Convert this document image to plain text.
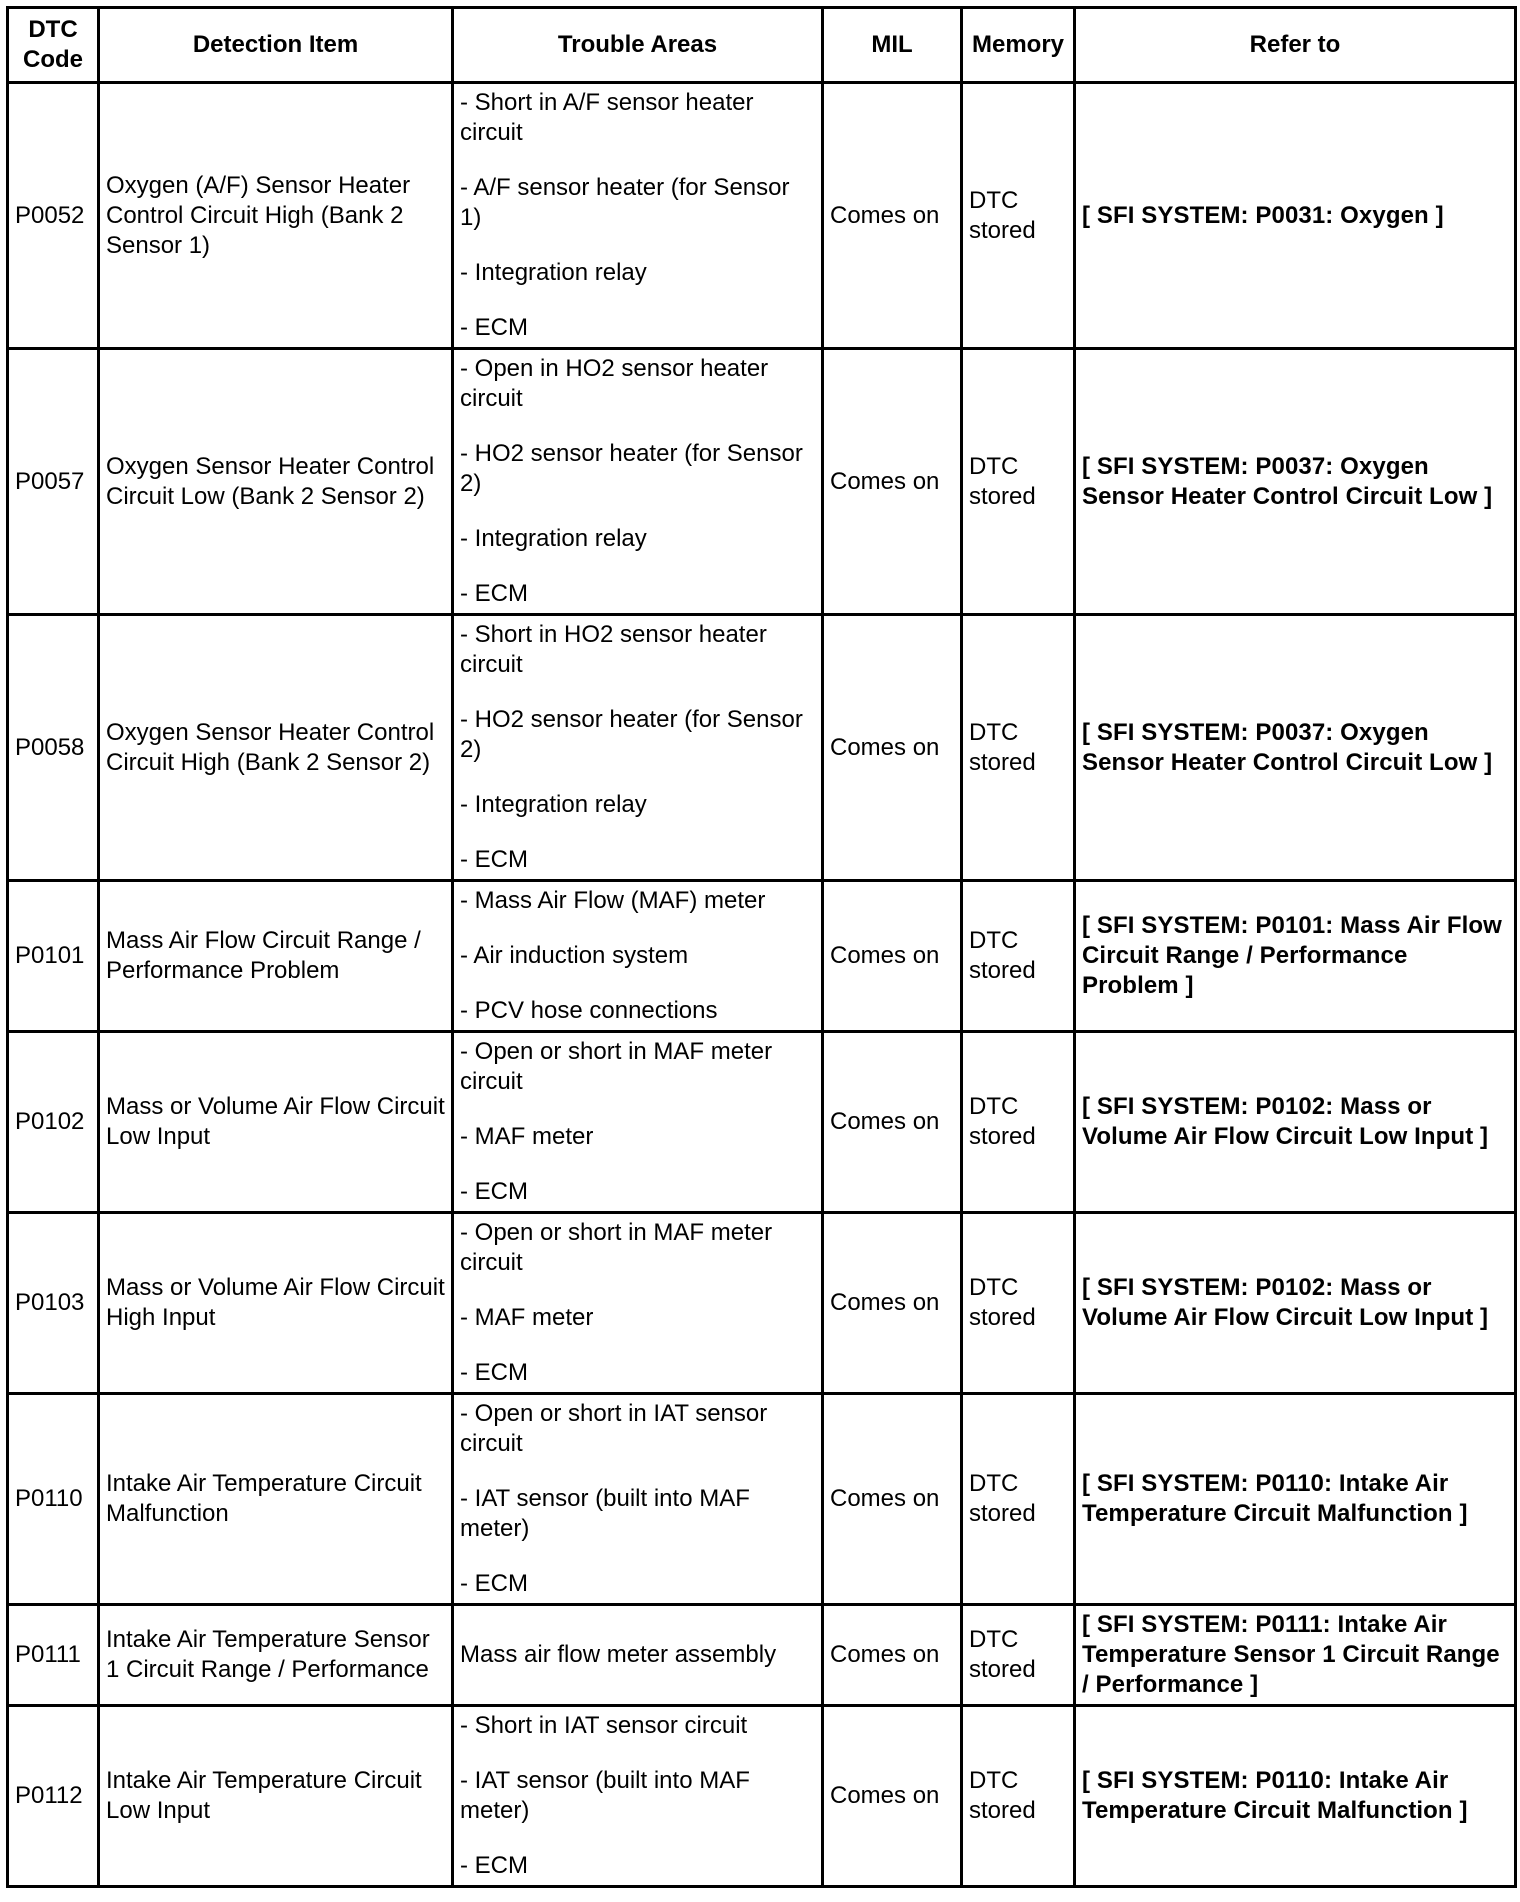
DTC Code	Detection Item	Trouble Areas	MIL	Memory	Refer to
P0052	Oxygen (A/F) Sensor Heater Control Circuit High (Bank 2 Sensor 1)	- Short in A/F sensor heater circuit
- A/F sensor heater (for Sensor 1)
- Integration relay
- ECM	Comes on	DTC stored	[ SFI SYSTEM: P0031: Oxygen ]
P0057	Oxygen Sensor Heater Control Circuit Low (Bank 2 Sensor 2)	- Open in HO2 sensor heater circuit
- HO2 sensor heater (for Sensor 2)
- Integration relay
- ECM	Comes on	DTC stored	[ SFI SYSTEM: P0037: Oxygen Sensor Heater Control Circuit Low ]
P0058	Oxygen Sensor Heater Control Circuit High (Bank 2 Sensor 2)	- Short in HO2 sensor heater circuit
- HO2 sensor heater (for Sensor 2)
- Integration relay
- ECM	Comes on	DTC stored	[ SFI SYSTEM: P0037: Oxygen Sensor Heater Control Circuit Low ]
P0101	Mass Air Flow Circuit Range / Performance Problem	- Mass Air Flow (MAF) meter
- Air induction system
- PCV hose connections	Comes on	DTC stored	[ SFI SYSTEM: P0101: Mass Air Flow Circuit Range / Performance Problem ]
P0102	Mass or Volume Air Flow Circuit Low Input	- Open or short in MAF meter circuit
- MAF meter
- ECM	Comes on	DTC stored	[ SFI SYSTEM: P0102: Mass or Volume Air Flow Circuit Low Input ]
P0103	Mass or Volume Air Flow Circuit High Input	- Open or short in MAF meter circuit
- MAF meter
- ECM	Comes on	DTC stored	[ SFI SYSTEM: P0102: Mass or Volume Air Flow Circuit Low Input ]
P0110	Intake Air Temperature Circuit Malfunction	- Open or short in IAT sensor circuit
- IAT sensor (built into MAF meter)
- ECM	Comes on	DTC stored	[ SFI SYSTEM: P0110: Intake Air Temperature Circuit Malfunction ]
P0111	Intake Air Temperature Sensor 1 Circuit Range / Performance	Mass air flow meter assembly	Comes on	DTC stored	[ SFI SYSTEM: P0111: Intake Air Temperature Sensor 1 Circuit Range / Performance ]
P0112	Intake Air Temperature Circuit Low Input	- Short in IAT sensor circuit
- IAT sensor (built into MAF meter)
- ECM	Comes on	DTC stored	[ SFI SYSTEM: P0110: Intake Air Temperature Circuit Malfunction ]
